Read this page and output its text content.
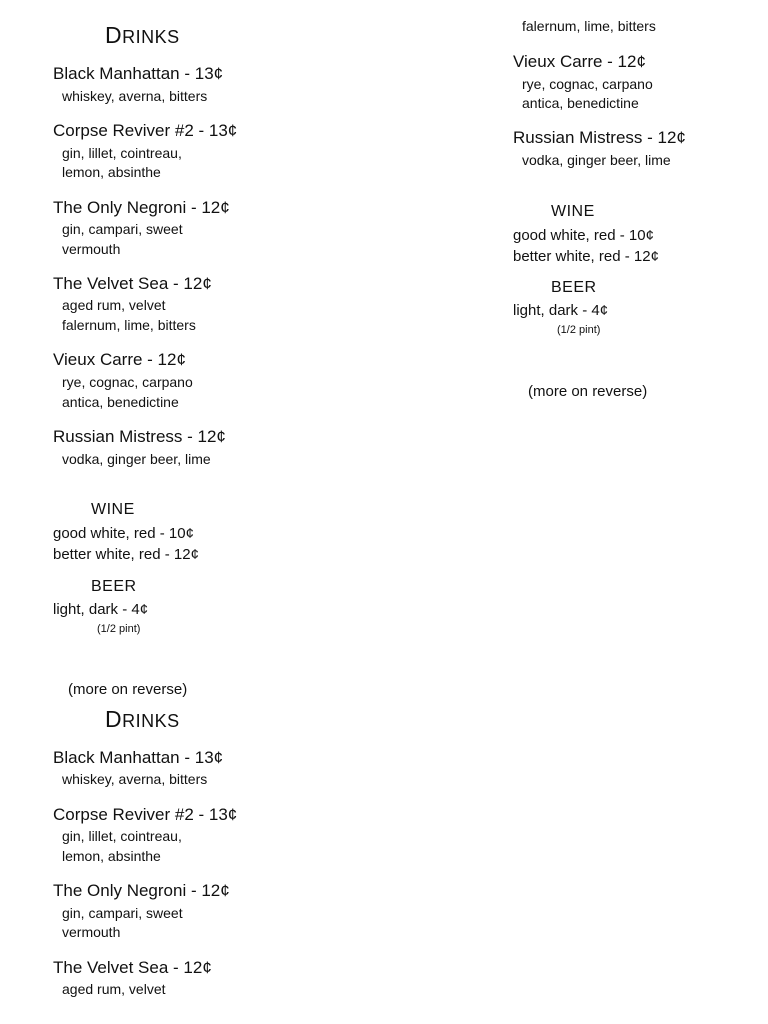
DRINKS
Black Manhattan - 13¢
whiskey, averna, bitters
Corpse Reviver #2 - 13¢
gin, lillet, cointreau,
lemon, absinthe
The Only Negroni - 12¢
gin, campari, sweet
vermouth
The Velvet Sea - 12¢
aged rum, velvet
falernum, lime, bitters
Vieux Carre - 12¢
rye, cognac, carpano
antica, benedictine
Russian Mistress - 12¢
vodka, ginger beer, lime
WINE
good white, red - 10¢
better white, red - 12¢
BEER
light, dark - 4¢
(1/2 pint)
(more on reverse)
DRINKS
Black Manhattan - 13¢
whiskey, averna, bitters
Corpse Reviver #2 - 13¢
gin, lillet, cointreau,
lemon, absinthe
The Only Negroni - 12¢
gin, campari, sweet
vermouth
The Velvet Sea - 12¢
aged rum, velvet
falernum, lime, bitters
Vieux Carre - 12¢
rye, cognac, carpano
antica, benedictine
Russian Mistress - 12¢
vodka, ginger beer, lime
WINE
good white, red - 10¢
better white, red - 12¢
BEER
light, dark - 4¢
(1/2 pint)
(more on reverse)
